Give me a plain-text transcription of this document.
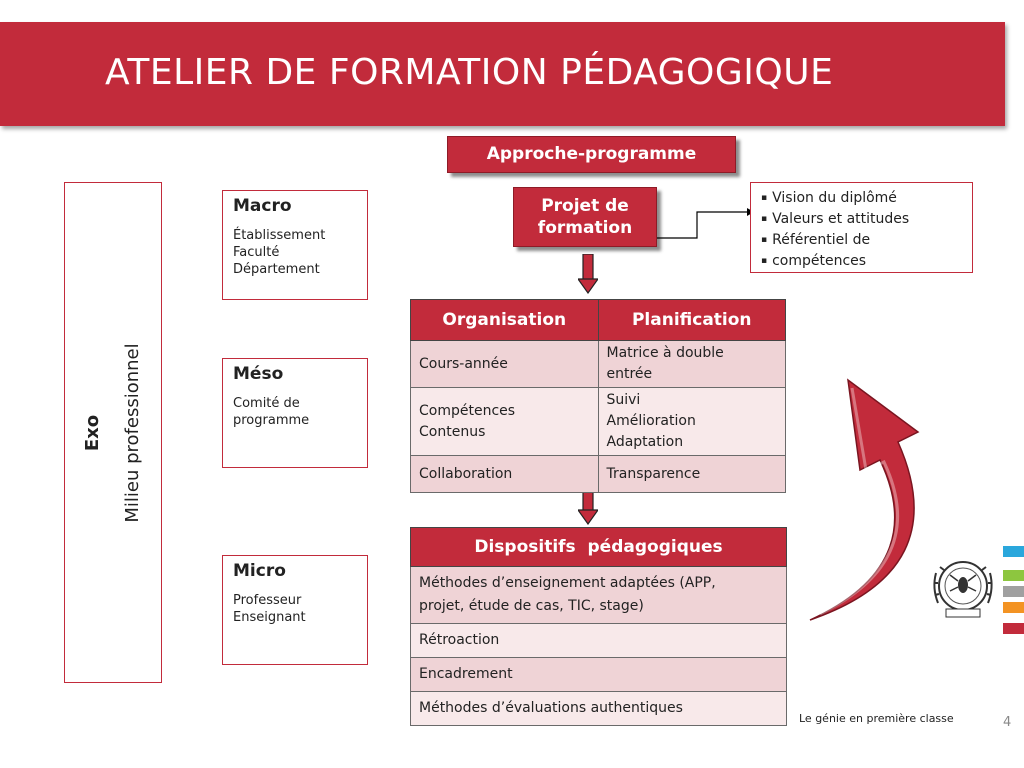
ATELIER DE FORMATION PÉDAGOGIQUE
Approche-programme
Projet de
formation
▪ Vision du diplômé
▪ Valeurs et attitudes
▪ Référentiel de
▪ compétences
Exo	Milieu professionnel
Macro
Établissement
Faculté
Département
Méso
Comité de
programme
Micro
Professeur
Enseignant
Organisation	Planification
Cours-année	Matrice à double
entrée
Compétences
Contenus	Suivi
Amélioration
Adaptation
Collaboration	Transparence
Dispositifs  pédagogiques
Méthodes d’enseignement adaptées (APP,
projet, étude de cas, TIC, stage)
Rétroaction
Encadrement
Méthodes d’évaluations authentiques
Le génie en première classe	4
